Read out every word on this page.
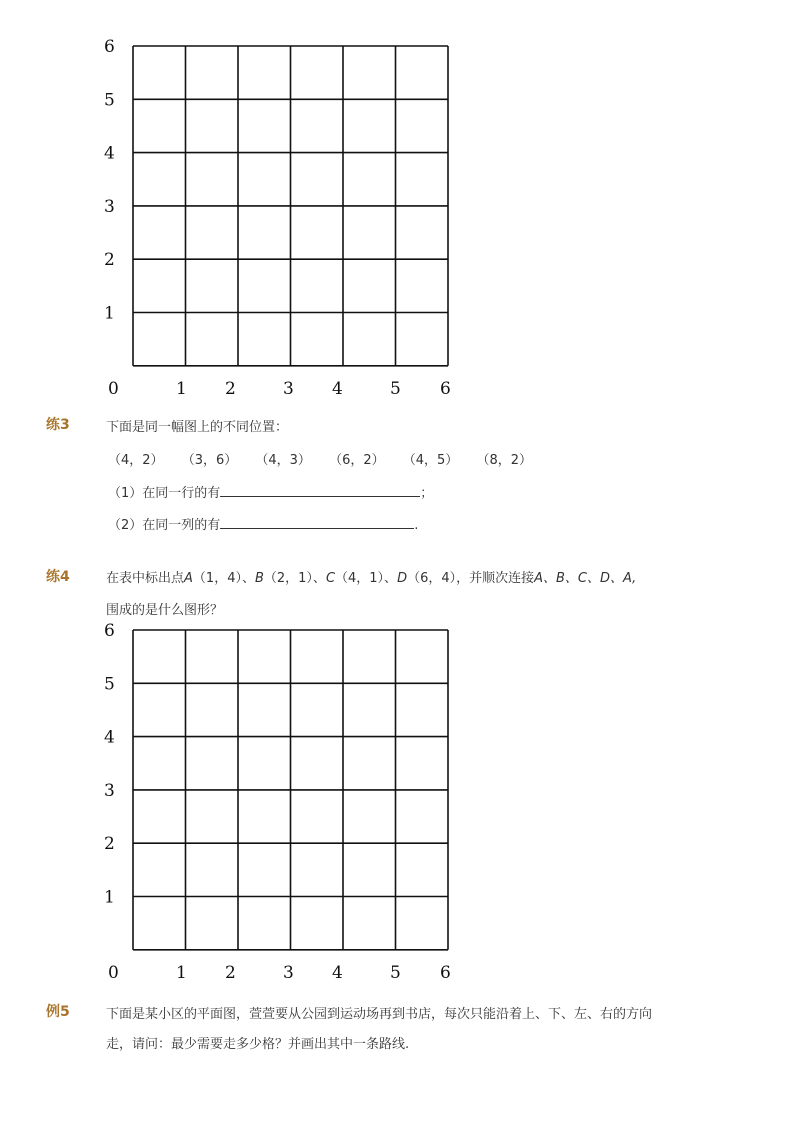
6
5
4
3
2
1
0	1 2	3 4	5 6
练3	下面是同一幅图上的不同位置：
（4，2） （3，6） （4，3） （6，2） （4，5） （8，2）
（1）在同一行的有	；
（2）在同一列的有	.
练4	在表中标出点A（1，4）、B（2，1）、C（4，1）、D（6，4），并顺次连接A、B、C、D、A,
围成的是什么图形？
6
5
4
3
2
1
0	1 2	3 4	5 6
例5	下面是某小区的平面图，萱萱要从公园到运动场再到书店，每次只能沿着上、下、左、右的方向
走，请问：最少需要走多少格？并画出其中一条路线.
